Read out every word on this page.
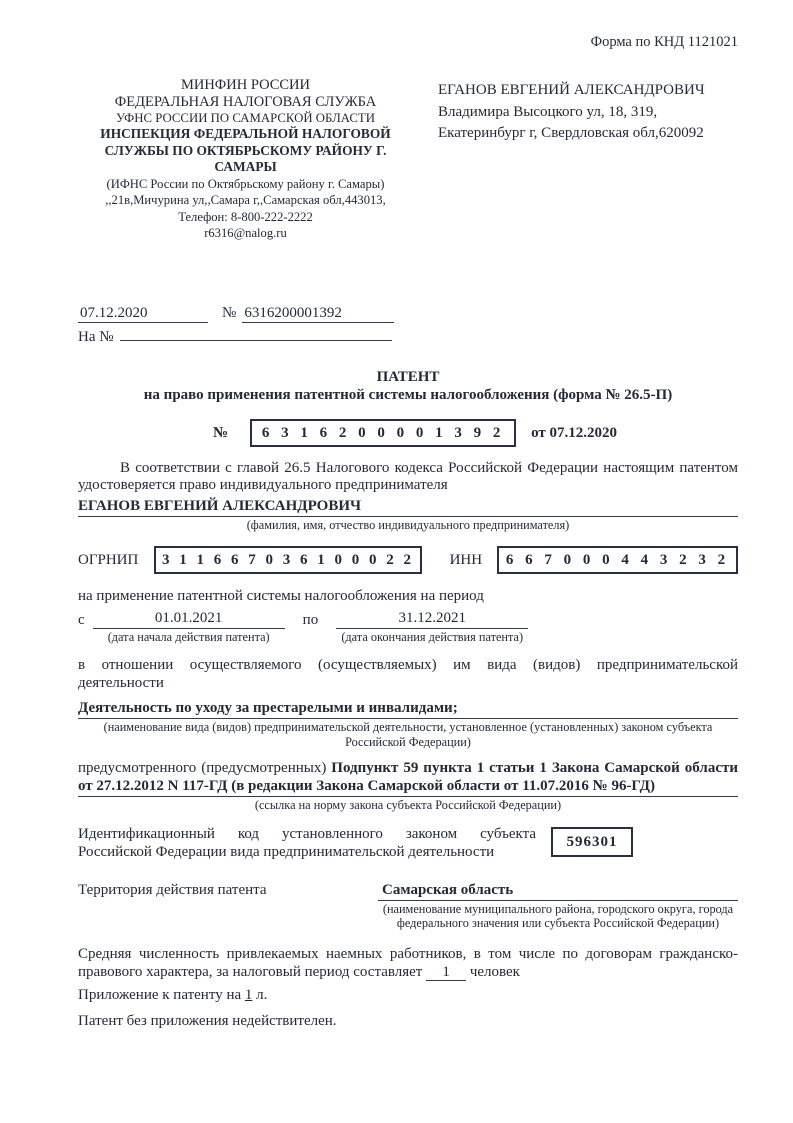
Форма по КНД 1121021
МИНФИН РОССИИ
ФЕДЕРАЛЬНАЯ НАЛОГОВАЯ СЛУЖБА
УФНС РОССИИ ПО САМАРСКОЙ ОБЛАСТИ
ИНСПЕКЦИЯ ФЕДЕРАЛЬНОЙ НАЛОГОВОЙ
СЛУЖБЫ ПО ОКТЯБРЬСКОМУ РАЙОНУ Г. САМАРЫ
(ИФНС России по Октябрьскому району г. Самары)
,,21в,Мичурина ул,,Самара г,,Самарская обл,443013,
Телефон: 8-800-222-2222
r6316@nalog.ru
ЕГАНОВ ЕВГЕНИЙ АЛЕКСАНДРОВИЧ
Владимира Высоцкого ул, 18, 319,
Екатеринбург г, Свердловская обл,620092
07.12.2020	№ 6316200001392
На №
ПАТЕНТ
на право применения патентной системы налогообложения (форма № 26.5-П)
№	6 3 1 6 2 0 0 0 0 1 3 9 2	от 07.12.2020

В соответствии с главой 26.5 Налогового кодекса Российской Федерации настоящим патентом удостоверяется право индивидуального предпринимателя

ЕГАНОВ ЕВГЕНИЙ АЛЕКСАНДРОВИЧ
(фамилия, имя, отчество индивидуального предпринимателя)
ОГРНИП	3 1 1 6 6 7 0 3 6 1 0 0 0 2 2	ИНН	6 6 7 0 0 0 4 4 3 2 3 2

на применение патентной системы налогообложения на период

с	01.01.2021
(дата начала действия патента)
по	31.12.2021
(дата окончания действия патента)

в отношении осуществляемого (осуществляемых) им вида (видов) предпринимательской деятельности

Деятельность по уходу за престарелыми и инвалидами;
(наименование вида (видов) предпринимательской деятельности, установленное (установленных) законом субъекта
Российской Федерации)

предусмотренного (предусмотренных) Подпункт 59 пункта 1 статьи 1 Закона Самарской области от 27.12.2012 N 117-ГД (в редакции Закона Самарской области от 11.07.2016 № 96-ГД)

(ссылка на норму закона субъекта Российской Федерации)

Идентификационный код установленного законом субъекта Российской Федерации вида предпринимательской деятельности

596301
Территория действия патента	Самарская область
(наименование муниципального района, городского округа, города
федерального значения или субъекта Российской Федерации)

Средняя численность привлекаемых наемных работников, в том числе по договорам гражданско-правового характера, за налоговый период составляет 1 человек

Приложение к патенту на 1 л.

Патент без приложения недействителен.
